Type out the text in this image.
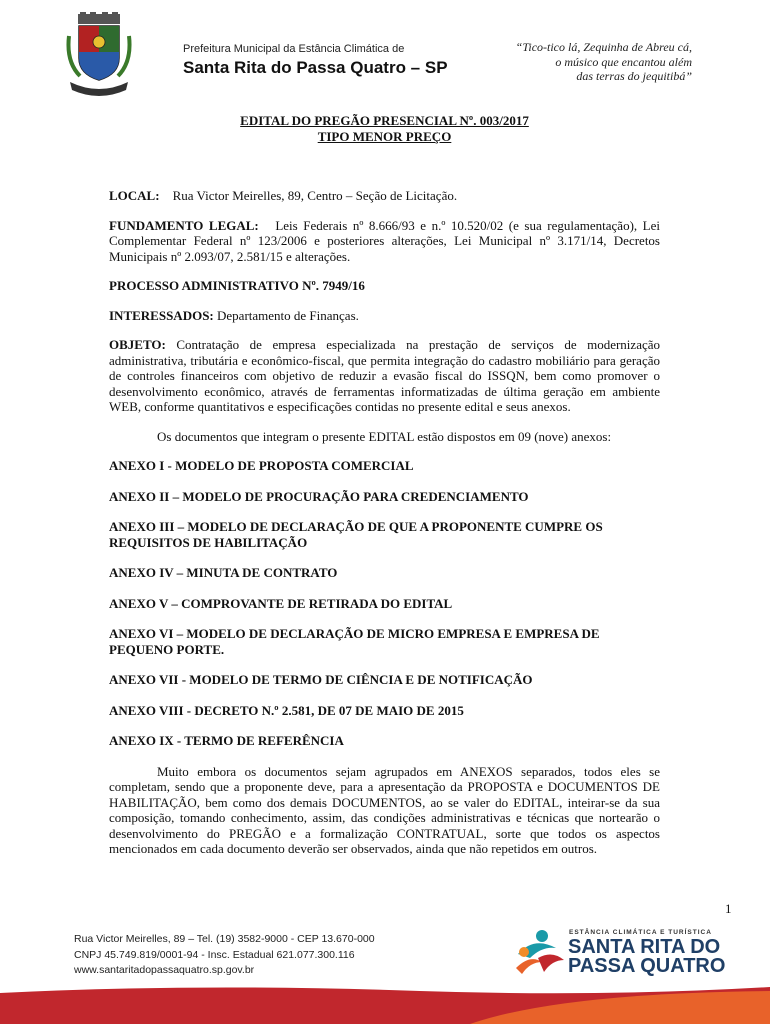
Prefeitura Municipal da Estância Climática de
Santa Rita do Passa Quatro – SP
“Tico-tico lá, Zequinha de Abreu cá,
o músico que encantou além
das terras do jequitibá”

EDITAL DO PREGÃO PRESENCIAL Nº. 003/2017

TIPO MENOR PREÇO

LOCAL: Rua Victor Meirelles, 89, Centro – Seção de Licitação.

FUNDAMENTO LEGAL: Leis Federais nº 8.666/93 e n.º 10.520/02 (e sua regulamentação), Lei Complementar Federal nº 123/2006 e posteriores alterações, Lei Municipal nº 3.171/14, Decretos Municipais nº 2.093/07, 2.581/15 e alterações.

PROCESSO ADMINISTRATIVO Nº. 7949/16

INTERESSADOS: Departamento de Finanças.

OBJETO: Contratação de empresa especializada na prestação de serviços de modernização administrativa, tributária e econômico-fiscal, que permita integração do cadastro mobiliário para geração de controles financeiros com objetivo de reduzir a evasão fiscal do ISSQN, bem como promover o desenvolvimento econômico, através de ferramentas informatizadas de última geração em ambiente WEB, conforme quantitativos e especificações contidas no presente edital e seus anexos.

Os documentos que integram o presente EDITAL estão dispostos em 09 (nove) anexos:

ANEXO I - MODELO DE PROPOSTA COMERCIAL

ANEXO II – MODELO DE PROCURAÇÃO PARA CREDENCIAMENTO

ANEXO III – MODELO DE DECLARAÇÃO DE QUE A PROPONENTE CUMPRE OS REQUISITOS DE HABILITAÇÃO

ANEXO IV – MINUTA DE CONTRATO

ANEXO V – COMPROVANTE DE RETIRADA DO EDITAL

ANEXO VI – MODELO DE DECLARAÇÃO DE MICRO EMPRESA E EMPRESA DE PEQUENO PORTE.

ANEXO VII - MODELO DE TERMO DE CIÊNCIA E DE NOTIFICAÇÃO

ANEXO VIII - DECRETO N.º 2.581, DE 07 DE MAIO DE 2015

ANEXO IX - TERMO DE REFERÊNCIA

Muito embora os documentos sejam agrupados em ANEXOS separados, todos eles se completam, sendo que a proponente deve, para a apresentação da PROPOSTA e DOCUMENTOS DE HABILITAÇÃO, bem como dos demais DOCUMENTOS, ao se valer do EDITAL, inteirar-se da sua composição, tomando conhecimento, assim, das condições administrativas e técnicas que nortearão o desenvolvimento do PREGÃO e a formalização CONTRATUAL, sorte que todos os aspectos mencionados em cada documento deverão ser observados, ainda que não repetidos em outros.

1
Rua Victor Meirelles, 89 – Tel. (19) 3582-9000 - CEP 13.670-000
CNPJ 45.749.819/0001-94 - Insc. Estadual 621.077.300.116
www.santaritadopassaquatro.sp.gov.br
ESTÂNCIA CLIMÁTICA E TURÍSTICA
SANTA RITA DO
PASSA QUATRO
